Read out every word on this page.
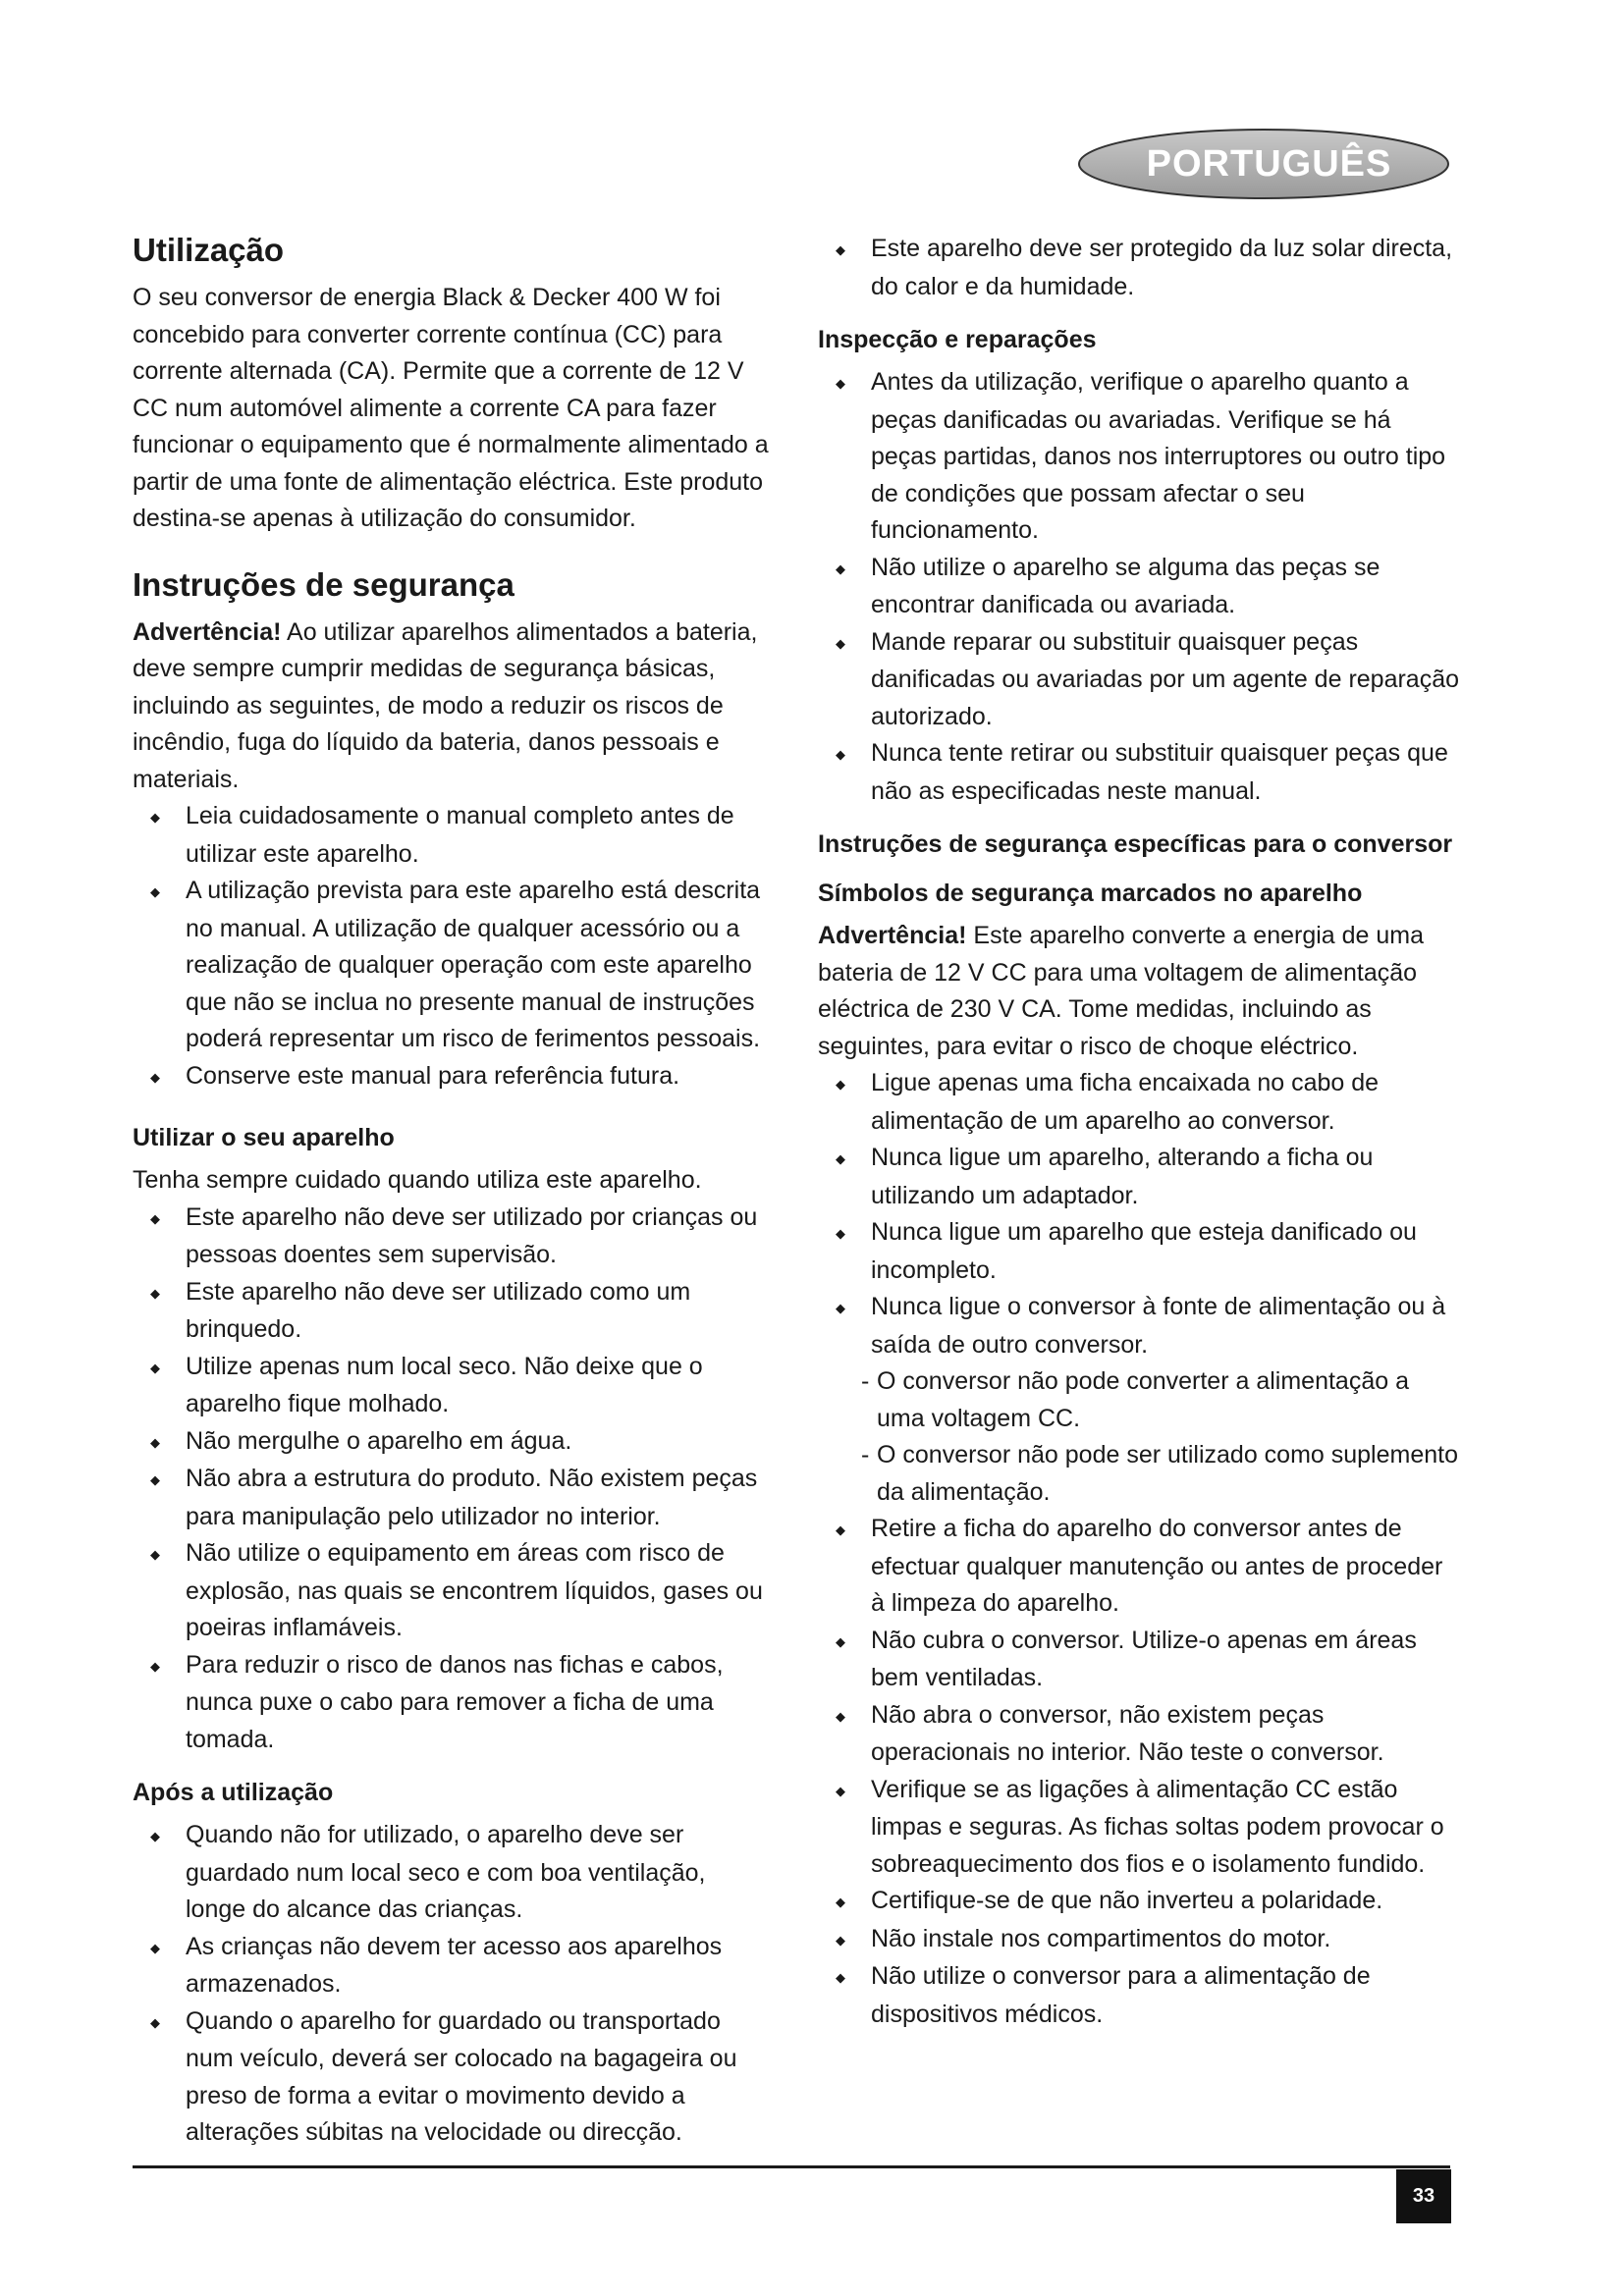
PORTUGUÊS
Utilização

O seu conversor de energia Black & Decker 400 W foi concebido para converter corrente contínua (CC) para corrente alternada (CA). Permite que a corrente de 12 V CC num automóvel alimente a corrente CA para fazer funcionar o equipamento que é normalmente alimentado a partir de uma fonte de alimentação eléctrica. Este produto destina-se apenas à utilização do consumidor.

Instruções de segurança

Advertência! Ao utilizar aparelhos alimentados a bateria, deve sempre cumprir medidas de segurança básicas, incluindo as seguintes, de modo a reduzir os riscos de incêndio, fuga do líquido da bateria, danos pessoais e materiais.

◆ Leia cuidadosamente o manual completo antes de utilizar este aparelho.
◆ A utilização prevista para este aparelho está descrita no manual. A utilização de qualquer acessório ou a realização de qualquer operação com este aparelho que não se inclua no presente manual de instruções poderá representar um risco de ferimentos pessoais.
◆ Conserve este manual para referência futura.
Utilizar o seu aparelho

Tenha sempre cuidado quando utiliza este aparelho.

◆ Este aparelho não deve ser utilizado por crianças ou pessoas doentes sem supervisão.
◆ Este aparelho não deve ser utilizado como um brinquedo.
◆ Utilize apenas num local seco. Não deixe que o aparelho fique molhado.
◆ Não mergulhe o aparelho em água.
◆ Não abra a estrutura do produto. Não existem peças para manipulação pelo utilizador no interior.
◆ Não utilize o equipamento em áreas com risco de explosão, nas quais se encontrem líquidos, gases ou poeiras inflamáveis.
◆ Para reduzir o risco de danos nas fichas e cabos, nunca puxe o cabo para remover a ficha de uma tomada.
Após a utilização
◆ Quando não for utilizado, o aparelho deve ser guardado num local seco e com boa ventilação, longe do alcance das crianças.
◆ As crianças não devem ter acesso aos aparelhos armazenados.
◆ Quando o aparelho for guardado ou transportado num veículo, deverá ser colocado na bagageira ou preso de forma a evitar o movimento devido a alterações súbitas na velocidade ou direcção.
◆ Este aparelho deve ser protegido da luz solar directa, do calor e da humidade.
Inspecção e reparações
◆ Antes da utilização, verifique o aparelho quanto a peças danificadas ou avariadas. Verifique se há peças partidas, danos nos interruptores ou outro tipo de condições que possam afectar o seu funcionamento.
◆ Não utilize o aparelho se alguma das peças se encontrar danificada ou avariada.
◆ Mande reparar ou substituir quaisquer peças danificadas ou avariadas por um agente de reparação autorizado.
◆ Nunca tente retirar ou substituir quaisquer peças que não as especificadas neste manual.
Instruções de segurança específicas para o conversor
Símbolos de segurança marcados no aparelho

Advertência! Este aparelho converte a energia de uma bateria de 12 V CC para uma voltagem de alimentação eléctrica de 230 V CA. Tome medidas, incluindo as seguintes, para evitar o risco de choque eléctrico.

◆ Ligue apenas uma ficha encaixada no cabo de alimentação de um aparelho ao conversor.
◆ Nunca ligue um aparelho, alterando a ficha ou utilizando um adaptador.
◆ Nunca ligue um aparelho que esteja danificado ou incompleto.
◆ Nunca ligue o conversor à fonte de alimentação ou à saída de outro conversor.
- O conversor não pode converter a alimentação a uma voltagem CC.
- O conversor não pode ser utilizado como suplemento da alimentação.
◆ Retire a ficha do aparelho do conversor antes de efectuar qualquer manutenção ou antes de proceder à limpeza do aparelho.
◆ Não cubra o conversor. Utilize-o apenas em áreas bem ventiladas.
◆ Não abra o conversor, não existem peças operacionais no interior. Não teste o conversor.
◆ Verifique se as ligações à alimentação CC estão limpas e seguras. As fichas soltas podem provocar o sobreaquecimento dos fios e o isolamento fundido.
◆ Certifique-se de que não inverteu a polaridade.
◆ Não instale nos compartimentos do motor.
◆ Não utilize o conversor para a alimentação de dispositivos médicos.
33
